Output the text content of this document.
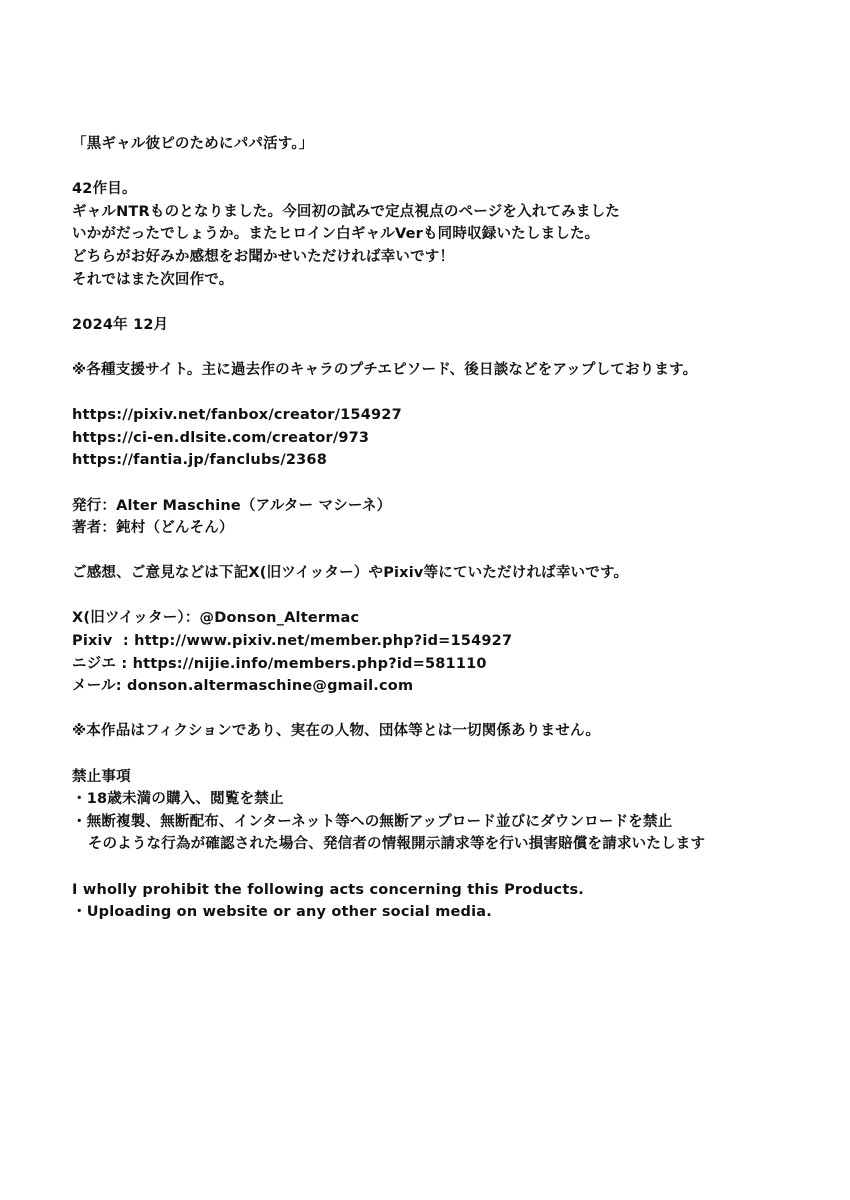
「黒ギャル彼ピのためにパパ活す。」
42作目。
ギャルNTRものとなりました。今回初の試みで定点視点のページを入れてみました
いかがだったでしょうか。またヒロイン白ギャルVerも同時収録いたしました。
どちらがお好みか感想をお聞かせいただければ幸いです！
それではまた次回作で。
2024年 12月
※各種支援サイト。主に過去作のキャラのプチエピソード、後日談などをアップしております。
https://pixiv.net/fanbox/creator/154927
https://ci-en.dlsite.com/creator/973
https://fantia.jp/fanclubs/2368
発行：Alter Maschine（アルター マシーネ）
著者：鈍村（どんそん）
ご感想、ご意見などは下記X(旧ツイッター）やPixiv等にていただければ幸いです。
X(旧ツイッター）：@Donson_Altermac
Pixiv  : http://www.pixiv.net/member.php?id=154927
ニジエ : https://nijie.info/members.php?id=581110
メール: donson.altermaschine@gmail.com
※本作品はフィクションであり、実在の人物、団体等とは一切関係ありません。
禁止事項
・18歳未満の購入、閲覧を禁止
・無断複製、無断配布、インターネット等への無断アップロード並びにダウンロードを禁止
そのような行為が確認された場合、発信者の情報開示請求等を行い損害賠償を請求いたします
I wholly prohibit the following acts concerning this Products.
・Uploading on website or any other social media.
